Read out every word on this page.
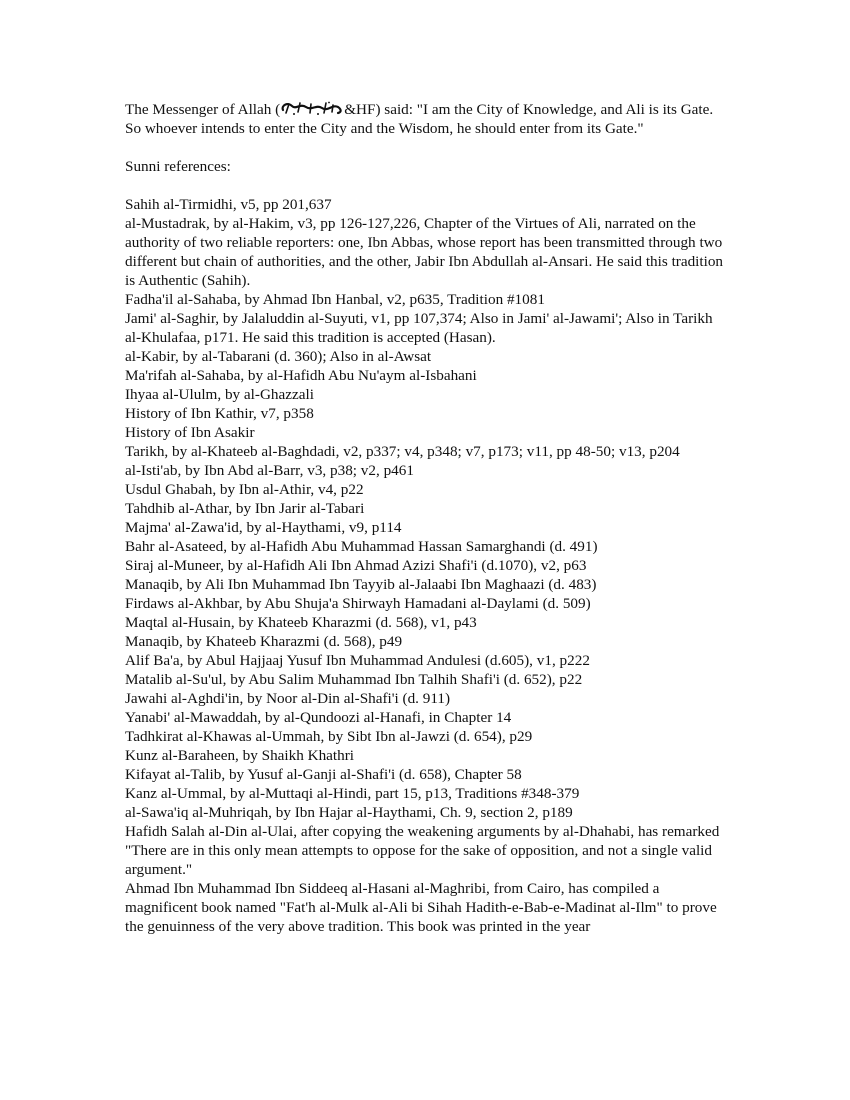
The Messenger of Allah (	&HF) said: "I am the City of Knowledge, and Ali is its Gate. So whoever intends to enter the City and the Wisdom, he should enter from its Gate."

Sunni references:

Sahih al-Tirmidhi, v5, pp 201,637
al-Mustadrak, by al-Hakim, v3, pp 126-127,226, Chapter of the Virtues of Ali, narrated on the authority of two reliable reporters: one, Ibn Abbas, whose report has been transmitted through two different but chain of authorities, and the other, Jabir Ibn Abdullah al-Ansari. He said this tradition is Authentic (Sahih).
Fadha'il al-Sahaba, by Ahmad Ibn Hanbal, v2, p635, Tradition #1081
Jami' al-Saghir, by Jalaluddin al-Suyuti, v1, pp 107,374; Also in Jami' al-Jawami'; Also in Tarikh al-Khulafaa, p171. He said this tradition is accepted (Hasan).
al-Kabir, by al-Tabarani (d. 360); Also in al-Awsat
Ma'rifah al-Sahaba, by al-Hafidh Abu Nu'aym al-Isbahani
Ihyaa al-Ululm, by al-Ghazzali
History of Ibn Kathir, v7, p358
History of Ibn Asakir
Tarikh, by al-Khateeb al-Baghdadi, v2, p337; v4, p348; v7, p173; v11, pp 48-50; v13, p204
al-Isti'ab, by Ibn Abd al-Barr, v3, p38; v2, p461
Usdul Ghabah, by Ibn al-Athir, v4, p22
Tahdhib al-Athar, by Ibn Jarir al-Tabari
Majma' al-Zawa'id, by al-Haythami, v9, p114
Bahr al-Asateed, by al-Hafidh Abu Muhammad Hassan Samarghandi (d. 491)
Siraj al-Muneer, by al-Hafidh Ali Ibn Ahmad Azizi Shafi'i (d.1070), v2, p63
Manaqib, by Ali Ibn Muhammad Ibn Tayyib al-Jalaabi Ibn Maghaazi (d. 483)
Firdaws al-Akhbar, by Abu Shuja'a Shirwayh Hamadani al-Daylami (d. 509)
Maqtal al-Husain, by Khateeb Kharazmi (d. 568), v1, p43
Manaqib, by Khateeb Kharazmi (d. 568), p49
Alif Ba'a, by Abul Hajjaaj Yusuf Ibn Muhammad Andulesi (d.605), v1, p222
Matalib al-Su'ul, by Abu Salim Muhammad Ibn Talhih Shafi'i (d. 652), p22
Jawahi al-Aghdi'in, by Noor al-Din al-Shafi'i (d. 911)
Yanabi' al-Mawaddah, by al-Qundoozi al-Hanafi, in Chapter 14
Tadhkirat al-Khawas al-Ummah, by Sibt Ibn al-Jawzi (d. 654), p29
Kunz al-Baraheen, by Shaikh Khathri
Kifayat al-Talib, by Yusuf al-Ganji al-Shafi'i (d. 658), Chapter 58
Kanz al-Ummal, by al-Muttaqi al-Hindi, part 15, p13, Traditions #348-379
al-Sawa'iq al-Muhriqah, by Ibn Hajar al-Haythami, Ch. 9, section 2, p189
Hafidh Salah al-Din al-Ulai, after copying the weakening arguments by al-Dhahabi, has remarked "There are in this only mean attempts to oppose for the sake of opposition, and not a single valid argument."
Ahmad Ibn Muhammad Ibn Siddeeq al-Hasani al-Maghribi, from Cairo, has compiled a magnificent book named "Fat'h al-Mulk al-Ali bi Sihah Hadith-e-Bab-e-Madinat al-Ilm" to prove the genuinness of the very above tradition. This book was printed in the year
